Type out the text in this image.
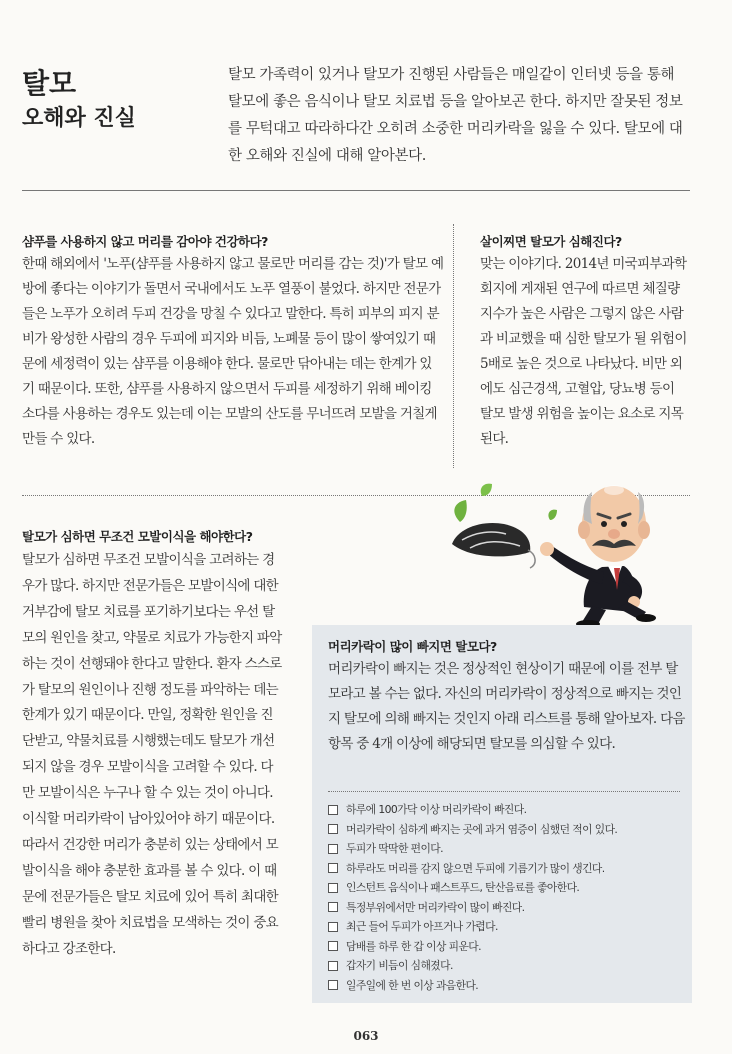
탈모
오해와 진실

탈모 가족력이 있거나 탈모가 진행된 사람들은 매일같이 인터넷 등을 통해 탈모에 좋은 음식이나 탈모 치료법 등을 알아보곤 한다. 하지만 잘못된 정보를 무턱대고 따라하다간 오히려 소중한 머리카락을 잃을 수 있다. 탈모에 대한 오해와 진실에 대해 알아본다.

샴푸를 사용하지 않고 머리를 감아야 건강하다?

한때 해외에서 '노푸(샴푸를 사용하지 않고 물로만 머리를 감는 것)'가 탈모 예방에 좋다는 이야기가 돌면서 국내에서도 노푸 열풍이 불었다. 하지만 전문가들은 노푸가 오히려 두피 건강을 망칠 수 있다고 말한다. 특히 피부의 피지 분비가 왕성한 사람의 경우 두피에 피지와 비듬, 노폐물 등이 많이 쌓여있기 때문에 세정력이 있는 샴푸를 이용해야 한다. 물로만 닦아내는 데는 한계가 있기 때문이다. 또한, 샴푸를 사용하지 않으면서 두피를 세정하기 위해 베이킹 소다를 사용하는 경우도 있는데 이는 모발의 산도를 무너뜨려 모발을 거칠게 만들 수 있다.

살이찌면 탈모가 심해진다?

맞는 이야기다. 2014년 미국피부과학회지에 게재된 연구에 따르면 체질량지수가 높은 사람은 그렇지 않은 사람과 비교했을 때 심한 탈모가 될 위험이 5배로 높은 것으로 나타났다. 비만 외에도 심근경색, 고혈압, 당뇨병 등이 탈모 발생 위험을 높이는 요소로 지목된다.

탈모가 심하면 무조건 모발이식을 해야한다?

탈모가 심하면 무조건 모발이식을 고려하는 경우가 많다. 하지만 전문가들은 모발이식에 대한 거부감에 탈모 치료를 포기하기보다는 우선 탈모의 원인을 찾고, 약물로 치료가 가능한지 파악하는 것이 선행돼야 한다고 말한다. 환자 스스로가 탈모의 원인이나 진행 정도를 파악하는 데는 한계가 있기 때문이다. 만일, 정확한 원인을 진단받고, 약물치료를 시행했는데도 탈모가 개선되지 않을 경우 모발이식을 고려할 수 있다. 다만 모발이식은 누구나 할 수 있는 것이 아니다. 이식할 머리카락이 남아있어야 하기 때문이다. 따라서 건강한 머리가 충분히 있는 상태에서 모발이식을 해야 충분한 효과를 볼 수 있다. 이 때문에 전문가들은 탈모 치료에 있어 특히 최대한 빨리 병원을 찾아 치료법을 모색하는 것이 중요하다고 강조한다.

머리카락이 많이 빠지면 탈모다?

머리카락이 빠지는 것은 정상적인 현상이기 때문에 이를 전부 탈모라고 볼 수는 없다. 자신의 머리카락이 정상적으로 빠지는 것인지 탈모에 의해 빠지는 것인지 아래 리스트를 통해 알아보자. 다음 항목 중 4개 이상에 해당되면 탈모를 의심할 수 있다.

하루에 100가닥 이상 머리카락이 빠진다.
머리카락이 심하게 빠지는 곳에 과거 염증이 심했던 적이 있다.
두피가 딱딱한 편이다.
하루라도 머리를 감지 않으면 두피에 기름기가 많이 생긴다.
인스턴트 음식이나 패스트푸드, 탄산음료를 좋아한다.
특정부위에서만 머리카락이 많이 빠진다.
최근 들어 두피가 아프거나 가렵다.
담배를 하루 한 갑 이상 피운다.
갑자기 비듬이 심해졌다.
일주일에 한 번 이상 과음한다.
063
